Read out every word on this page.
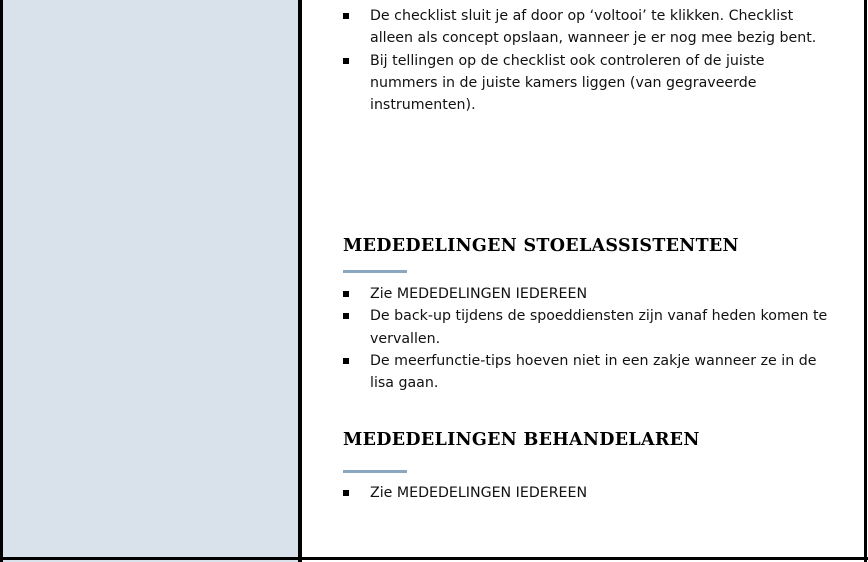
De checklist sluit je af door op ‘voltooi’ te klikken. Checklist alleen als concept opslaan, wanneer je er nog mee bezig bent.
Bij tellingen op de checklist ook controleren of de juiste nummers in de juiste kamers liggen (van gegraveerde instrumenten).
MEDEDELINGEN STOELASSISTENTEN
Zie MEDEDELINGEN IEDEREEN
De back-up tijdens de spoeddiensten zijn vanaf heden komen te vervallen.
De meerfunctie-tips hoeven niet in een zakje wanneer ze in de lisa gaan.
MEDEDELINGEN BEHANDELAREN
Zie MEDEDELINGEN IEDEREEN
